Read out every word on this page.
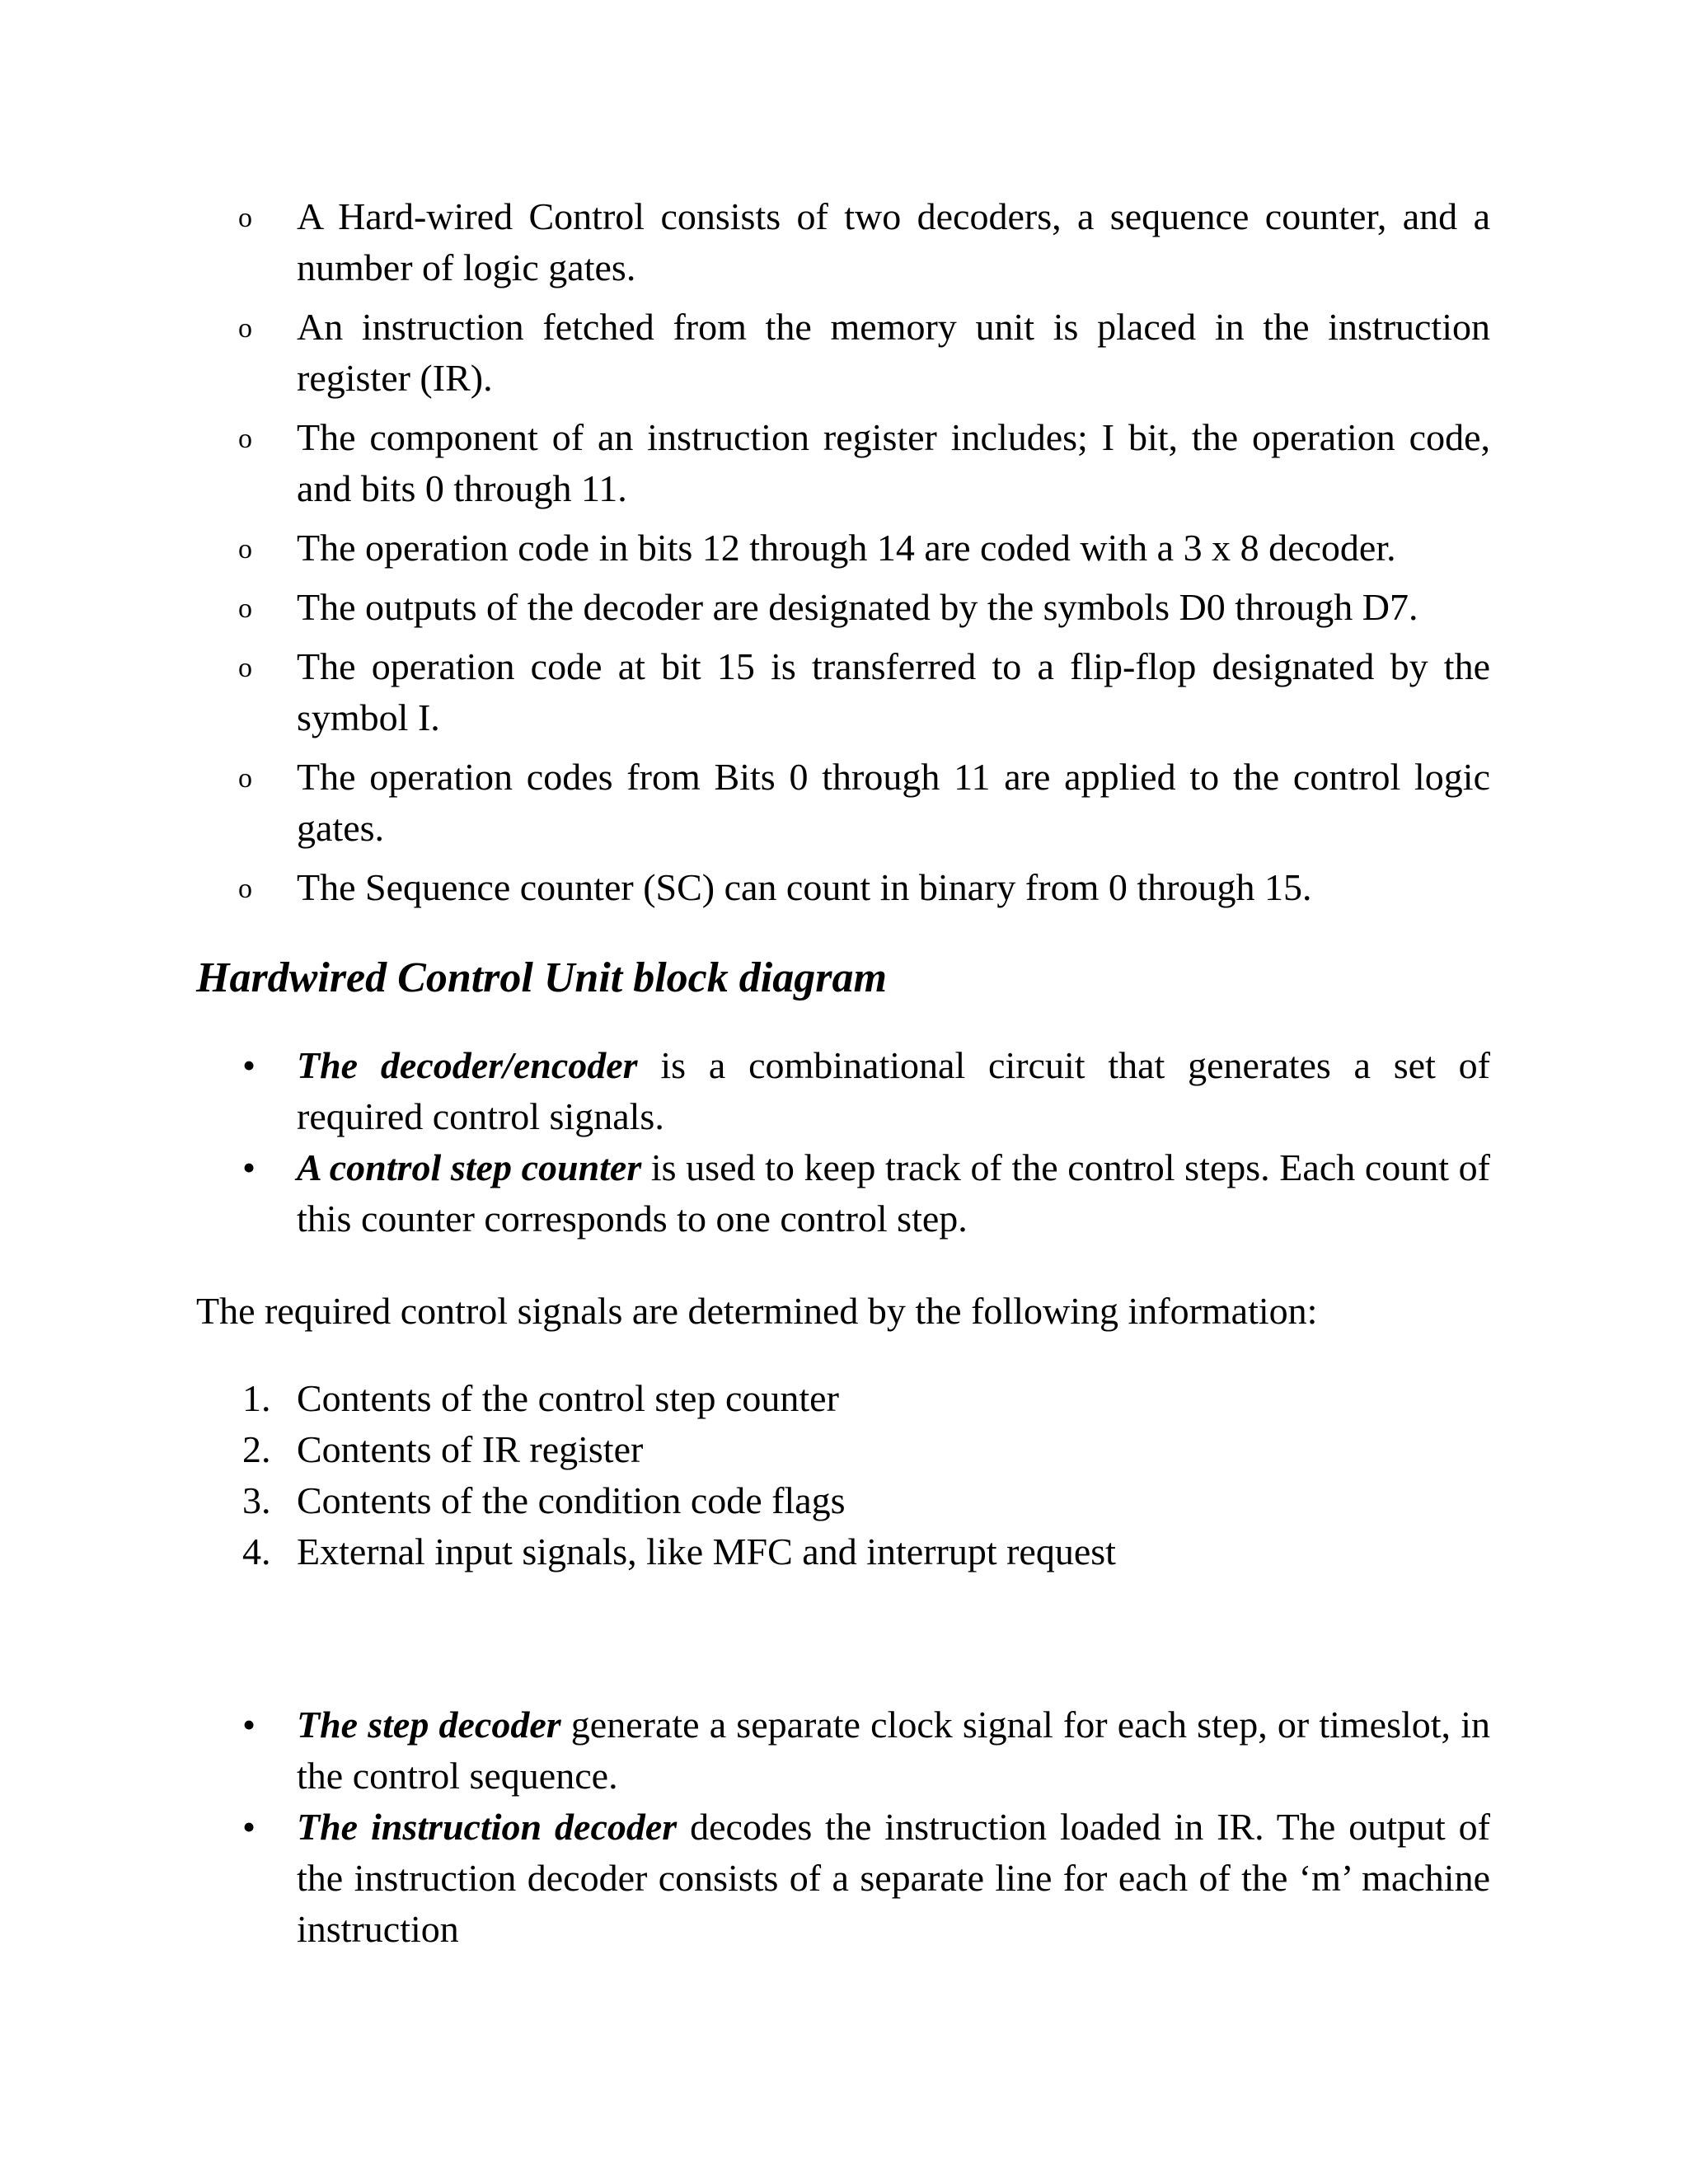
o A Hard-wired Control consists of two decoders, a sequence counter, and a number of logic gates.
o An instruction fetched from the memory unit is placed in the instruction register (IR).
o The component of an instruction register includes; I bit, the operation code, and bits 0 through 11.
o The operation code in bits 12 through 14 are coded with a 3 x 8 decoder.
o The outputs of the decoder are designated by the symbols D0 through D7.
o The operation code at bit 15 is transferred to a flip-flop designated by the symbol I.
o The operation codes from Bits 0 through 11 are applied to the control logic gates.
o The Sequence counter (SC) can count in binary from 0 through 15.
Hardwired Control Unit block diagram
• The decoder/encoder is a combinational circuit that generates a set of required control signals.
• A control step counter is used to keep track of the control steps. Each count of this counter corresponds to one control step.

The required control signals are determined by the following information:

1. Contents of the control step counter
2. Contents of IR register
3. Contents of the condition code flags
4. External input signals, like MFC and interrupt request
• The step decoder generate a separate clock signal for each step, or timeslot, in the control sequence.
• The instruction decoder decodes the instruction loaded in IR. The output of the instruction decoder consists of a separate line for each of the ‘m’ machine instruction
